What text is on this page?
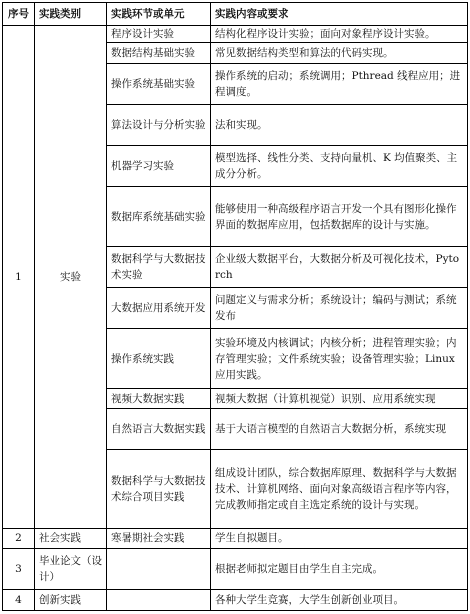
序号	实践类别	实践环节或单元	实践内容或要求
1	实验	程序设计实验	结构化程序设计实验；面向对象程序设计实验。
		数据结构基础实验	常见数据结构类型和算法的代码实现。
		操作系统基础实验	操作系统的启动；系统调用；Pthread 线程应用；进程调度。
		算法设计与分析实验	法和实现。
		机器学习实验	模型选择、线性分类、支持向量机、K 均值聚类、主成分分析。
		数据库系统基础实验	能够使用一种高级程序语言开发一个具有图形化操作界面的数据库应用，包括数据库的设计与实施。
		数据科学与大数据技术实验	企业级大数据平台，大数据分析及可视化技术，Pytorch
		大数据应用系统开发	问题定义与需求分析；系统设计；编码与测试；系统发布
		操作系统实践	实验环境及内核调试；内核分析；进程管理实验；内存管理实验；文件系统实验；设备管理实验；Linux 应用实践。
		视频大数据实践	视频大数据（计算机视觉）识别、应用系统实现
		自然语言大数据实践	基于大语言模型的自然语言大数据分析，系统实现
		数据科学与大数据技术综合项目实践	组成设计团队，综合数据库原理、数据科学与大数据技术、计算机网络、面向对象高级语言程序等内容，完成教师指定或自主选定系统的设计与实现。
2	社会实践	寒暑期社会实践	学生自拟题目。
3	毕业论文（设计）		根据老师拟定题目由学生自主完成。
4	创新实践		各种大学生竞赛，大学生创新创业项目。
